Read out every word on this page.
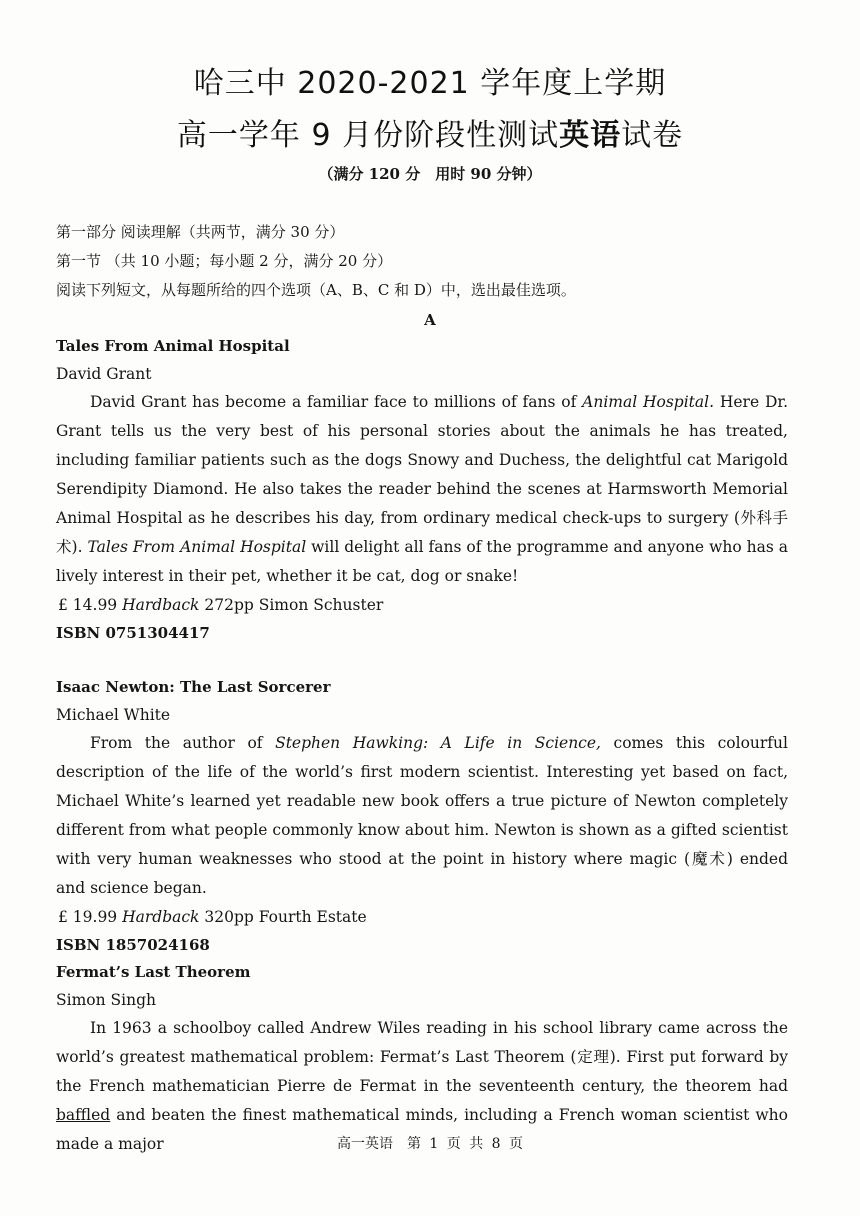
哈三中 2020-2021 学年度上学期
高一学年 9 月份阶段性测试英语试卷
（满分 120 分　用时 90 分钟）
第一部分 阅读理解（共两节，满分 30 分）
第一节 （共 10 小题；每小题 2 分，满分 20 分）
阅读下列短文，从每题所给的四个选项（A、B、C 和 D）中，选出最佳选项。
A
Tales From Animal Hospital
David Grant
David Grant has become a familiar face to millions of fans of Animal Hospital. Here Dr. Grant tells us the very best of his personal stories about the animals he has treated, including familiar patients such as the dogs Snowy and Duchess, the delightful cat Marigold Serendipity Diamond. He also takes the reader behind the scenes at Harmsworth Memorial Animal Hospital as he describes his day, from ordinary medical check-ups to surgery (外科手术). Tales From Animal Hospital will delight all fans of the programme and anyone who has a lively interest in their pet, whether it be cat, dog or snake!
£ 14.99 Hardback 272pp Simon Schuster
ISBN 0751304417
Isaac Newton: The Last Sorcerer
Michael White
From the author of Stephen Hawking: A Life in Science, comes this colourful description of the life of the world’s first modern scientist. Interesting yet based on fact, Michael White’s learned yet readable new book offers a true picture of Newton completely different from what people commonly know about him. Newton is shown as a gifted scientist with very human weaknesses who stood at the point in history where magic (魔术) ended and science began.
£ 19.99 Hardback 320pp Fourth Estate
ISBN 1857024168
Fermat’s Last Theorem
Simon Singh
In 1963 a schoolboy called Andrew Wiles reading in his school library came across the world’s greatest mathematical problem: Fermat’s Last Theorem (定理). First put forward by the French mathematician Pierre de Fermat in the seventeenth century, the theorem had baffled and beaten the finest mathematical minds, including a French woman scientist who made a major	高一英语　第 1 页 共 8 页
